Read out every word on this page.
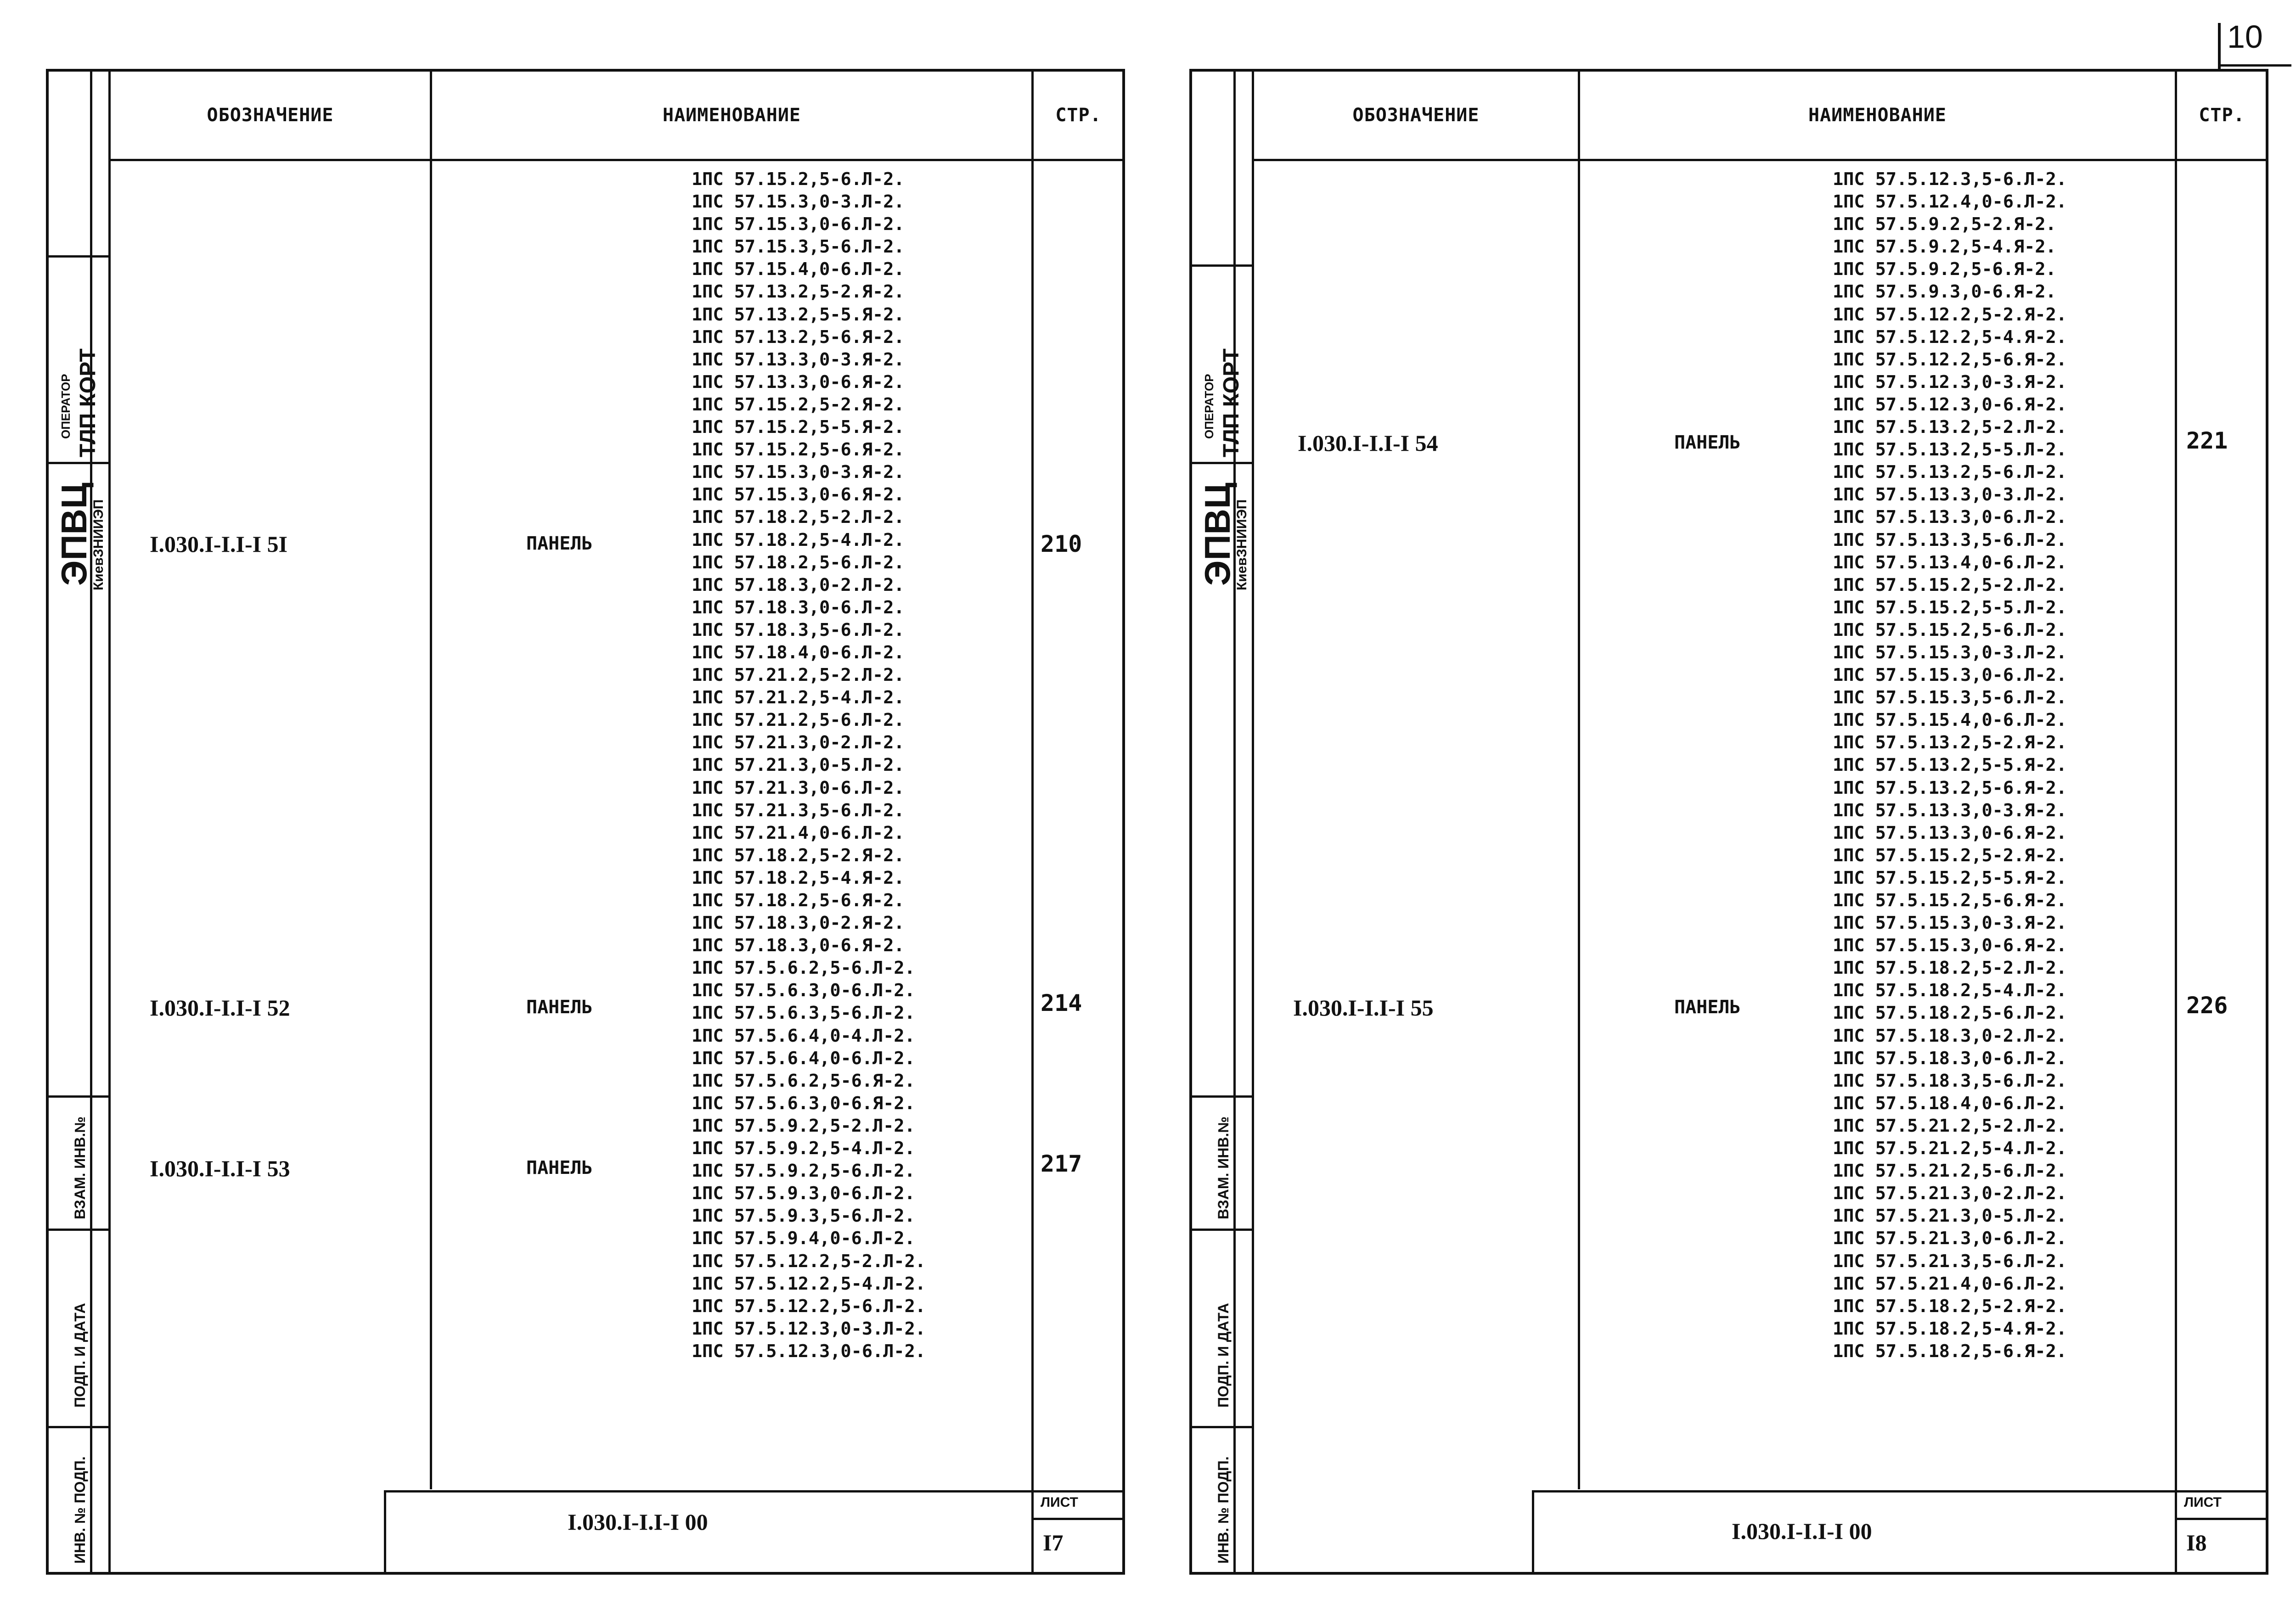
10
ЭПВЦ
КиевЗНИИЭП
ОПЕРАТОР ТЛП КОРТ
ВЗАМ. ИНВ.№
ПОДП. И ДАТА
ИНВ. № ПОДП.
ОБОЗНАЧЕНИЕ	НАИМЕНОВАНИЕ	СТР.
I.030.I-I.I-I 5I	ПАНЕЛЬ	210
I.030.I-I.I-I 52	ПАНЕЛЬ	214
I.030.I-I.I-I 53	ПАНЕЛЬ	217
1ПС 57.15.2,5-6.Л-2.
1ПС 57.15.3,0-3.Л-2.
1ПС 57.15.3,0-6.Л-2.
1ПС 57.15.3,5-6.Л-2.
1ПС 57.15.4,0-6.Л-2.
1ПС 57.13.2,5-2.Я-2.
1ПС 57.13.2,5-5.Я-2.
1ПС 57.13.2,5-6.Я-2.
1ПС 57.13.3,0-3.Я-2.
1ПС 57.13.3,0-6.Я-2.
1ПС 57.15.2,5-2.Я-2.
1ПС 57.15.2,5-5.Я-2.
1ПС 57.15.2,5-6.Я-2.
1ПС 57.15.3,0-3.Я-2.
1ПС 57.15.3,0-6.Я-2.
1ПС 57.18.2,5-2.Л-2.
1ПС 57.18.2,5-4.Л-2.
1ПС 57.18.2,5-6.Л-2.
1ПС 57.18.3,0-2.Л-2.
1ПС 57.18.3,0-6.Л-2.
1ПС 57.18.3,5-6.Л-2.
1ПС 57.18.4,0-6.Л-2.
1ПС 57.21.2,5-2.Л-2.
1ПС 57.21.2,5-4.Л-2.
1ПС 57.21.2,5-6.Л-2.
1ПС 57.21.3,0-2.Л-2.
1ПС 57.21.3,0-5.Л-2.
1ПС 57.21.3,0-6.Л-2.
1ПС 57.21.3,5-6.Л-2.
1ПС 57.21.4,0-6.Л-2.
1ПС 57.18.2,5-2.Я-2.
1ПС 57.18.2,5-4.Я-2.
1ПС 57.18.2,5-6.Я-2.
1ПС 57.18.3,0-2.Я-2.
1ПС 57.18.3,0-6.Я-2.
1ПС 57.5.6.2,5-6.Л-2.
1ПС 57.5.6.3,0-6.Л-2.
1ПС 57.5.6.3,5-6.Л-2.
1ПС 57.5.6.4,0-4.Л-2.
1ПС 57.5.6.4,0-6.Л-2.
1ПС 57.5.6.2,5-6.Я-2.
1ПС 57.5.6.3,0-6.Я-2.
1ПС 57.5.9.2,5-2.Л-2.
1ПС 57.5.9.2,5-4.Л-2.
1ПС 57.5.9.2,5-6.Л-2.
1ПС 57.5.9.3,0-6.Л-2.
1ПС 57.5.9.3,5-6.Л-2.
1ПС 57.5.9.4,0-6.Л-2.
1ПС 57.5.12.2,5-2.Л-2.
1ПС 57.5.12.2,5-4.Л-2.
1ПС 57.5.12.2,5-6.Л-2.
1ПС 57.5.12.3,0-3.Л-2.
1ПС 57.5.12.3,0-6.Л-2.
I.030.I-I.I-I 00
ЛИСТ
I7
ЭПВЦ
КиевЗНИИЭП
ОПЕРАТОР ТЛП КОРТ
ВЗАМ. ИНВ.№
ПОДП. И ДАТА
ИНВ. № ПОДП.
ОБОЗНАЧЕНИЕ	НАИМЕНОВАНИЕ	СТР.
I.030.I-I.I-I 54	ПАНЕЛЬ	221
I.030.I-I.I-I 55	ПАНЕЛЬ	226
1ПС 57.5.12.3,5-6.Л-2.
1ПС 57.5.12.4,0-6.Л-2.
1ПС 57.5.9.2,5-2.Я-2.
1ПС 57.5.9.2,5-4.Я-2.
1ПС 57.5.9.2,5-6.Я-2.
1ПС 57.5.9.3,0-6.Я-2.
1ПС 57.5.12.2,5-2.Я-2.
1ПС 57.5.12.2,5-4.Я-2.
1ПС 57.5.12.2,5-6.Я-2.
1ПС 57.5.12.3,0-3.Я-2.
1ПС 57.5.12.3,0-6.Я-2.
1ПС 57.5.13.2,5-2.Л-2.
1ПС 57.5.13.2,5-5.Л-2.
1ПС 57.5.13.2,5-6.Л-2.
1ПС 57.5.13.3,0-3.Л-2.
1ПС 57.5.13.3,0-6.Л-2.
1ПС 57.5.13.3,5-6.Л-2.
1ПС 57.5.13.4,0-6.Л-2.
1ПС 57.5.15.2,5-2.Л-2.
1ПС 57.5.15.2,5-5.Л-2.
1ПС 57.5.15.2,5-6.Л-2.
1ПС 57.5.15.3,0-3.Л-2.
1ПС 57.5.15.3,0-6.Л-2.
1ПС 57.5.15.3,5-6.Л-2.
1ПС 57.5.15.4,0-6.Л-2.
1ПС 57.5.13.2,5-2.Я-2.
1ПС 57.5.13.2,5-5.Я-2.
1ПС 57.5.13.2,5-6.Я-2.
1ПС 57.5.13.3,0-3.Я-2.
1ПС 57.5.13.3,0-6.Я-2.
1ПС 57.5.15.2,5-2.Я-2.
1ПС 57.5.15.2,5-5.Я-2.
1ПС 57.5.15.2,5-6.Я-2.
1ПС 57.5.15.3,0-3.Я-2.
1ПС 57.5.15.3,0-6.Я-2.
1ПС 57.5.18.2,5-2.Л-2.
1ПС 57.5.18.2,5-4.Л-2.
1ПС 57.5.18.2,5-6.Л-2.
1ПС 57.5.18.3,0-2.Л-2.
1ПС 57.5.18.3,0-6.Л-2.
1ПС 57.5.18.3,5-6.Л-2.
1ПС 57.5.18.4,0-6.Л-2.
1ПС 57.5.21.2,5-2.Л-2.
1ПС 57.5.21.2,5-4.Л-2.
1ПС 57.5.21.2,5-6.Л-2.
1ПС 57.5.21.3,0-2.Л-2.
1ПС 57.5.21.3,0-5.Л-2.
1ПС 57.5.21.3,0-6.Л-2.
1ПС 57.5.21.3,5-6.Л-2.
1ПС 57.5.21.4,0-6.Л-2.
1ПС 57.5.18.2,5-2.Я-2.
1ПС 57.5.18.2,5-4.Я-2.
1ПС 57.5.18.2,5-6.Я-2.
I.030.I-I.I-I 00
ЛИСТ
I8
